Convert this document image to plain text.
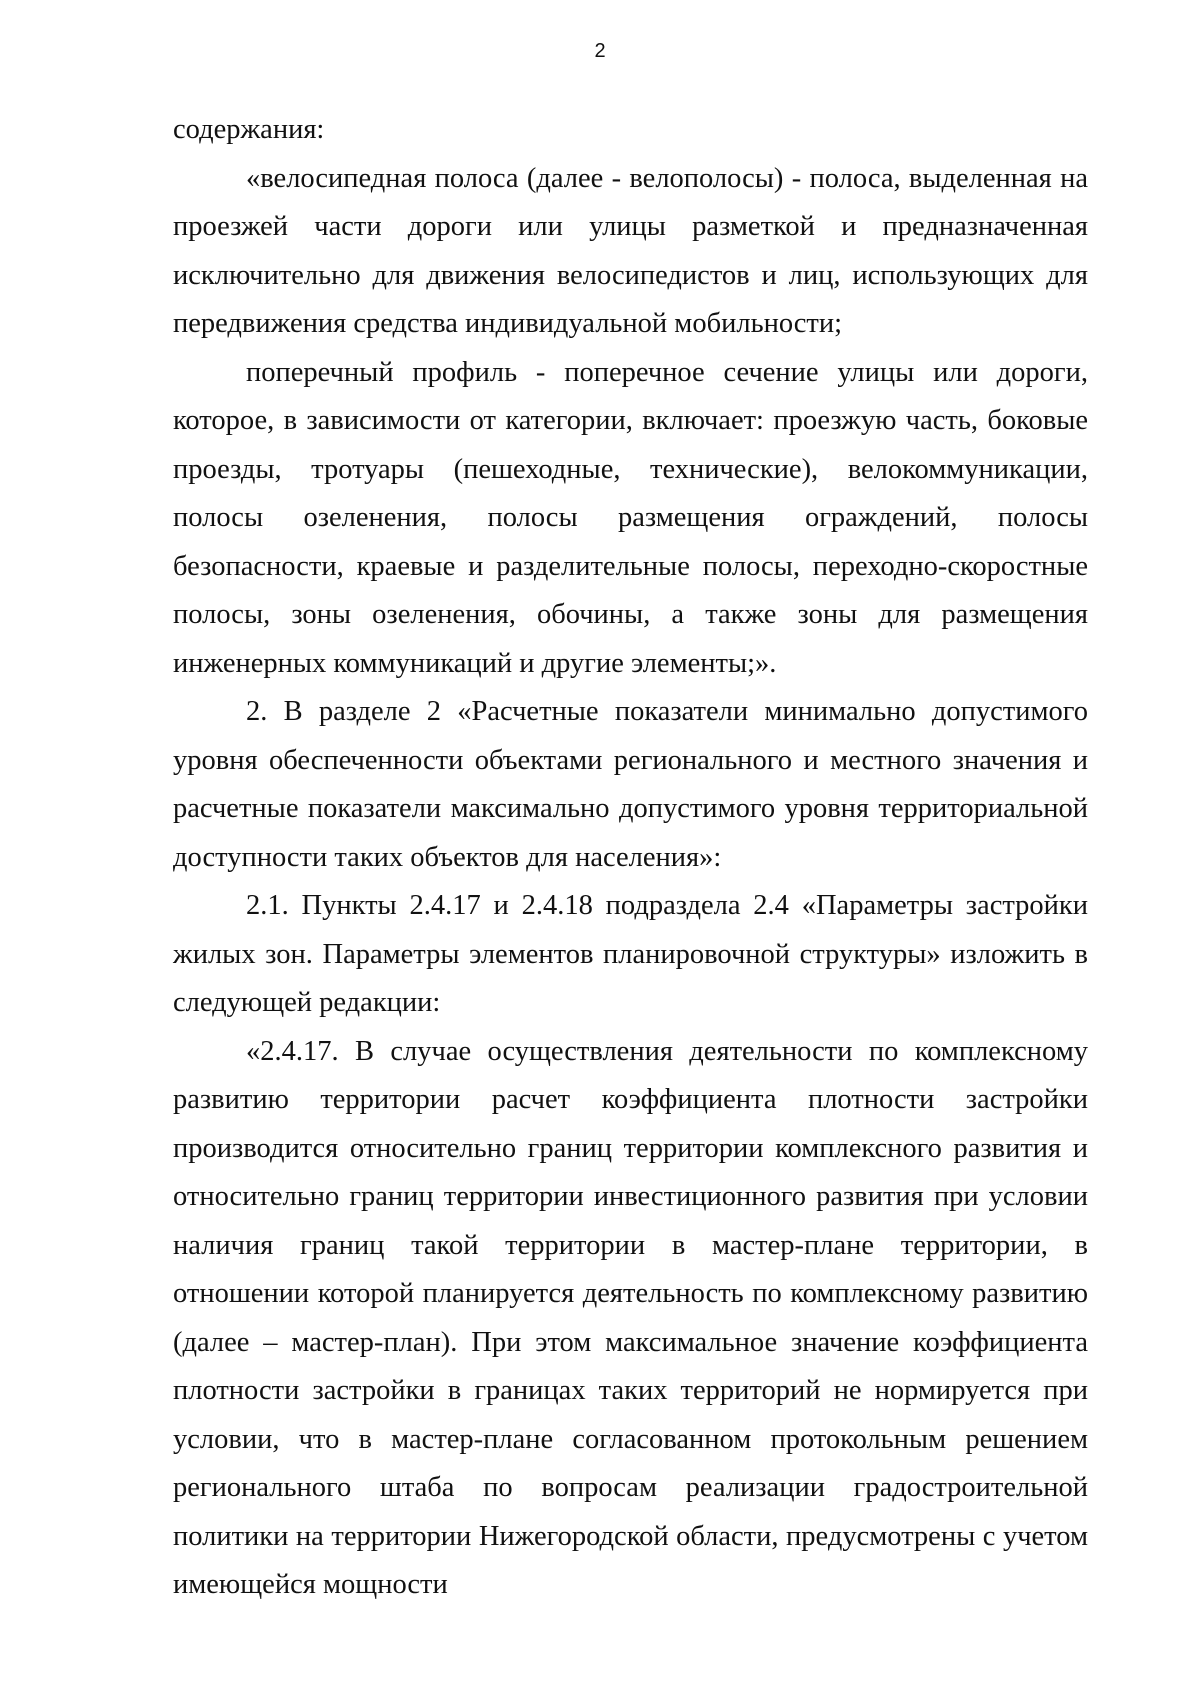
2

содержания:

«велосипедная полоса (далее - велополосы) - полоса, выделенная на проезжей части дороги или улицы разметкой и предназначенная исключительно для движения велосипедистов и лиц, использующих для передвижения средства индивидуальной мобильности;

поперечный профиль - поперечное сечение улицы или дороги, которое, в зависимости от категории, включает: проезжую часть, боковые проезды, тротуары (пешеходные, технические), велокоммуникации, полосы озеленения, полосы размещения ограждений, полосы безопасности, краевые и разделительные полосы, переходно-скоростные полосы, зоны озеленения, обочины, а также зоны для размещения инженерных коммуникаций и другие элементы;».

2. В разделе 2 «Расчетные показатели минимально допустимого уровня обеспеченности объектами регионального и местного значения и расчетные показатели максимально допустимого уровня территориальной доступности таких объектов для населения»:

2.1. Пункты 2.4.17 и 2.4.18 подраздела 2.4 «Параметры застройки жилых зон. Параметры элементов планировочной структуры» изложить в следующей редакции:

«2.4.17. В случае осуществления деятельности по комплексному развитию территории расчет коэффициента плотности застройки производится относительно границ территории комплексного развития и относительно границ территории инвестиционного развития при условии наличия границ такой территории в мастер-плане территории, в отношении которой планируется деятельность по комплексному развитию (далее – мастер-план). При этом максимальное значение коэффициента плотности застройки в границах таких территорий не нормируется при условии, что в мастер-плане согласованном протокольным решением регионального штаба по вопросам реализации градостроительной политики на территории Нижегородской области, предусмотрены с учетом имеющейся мощности
